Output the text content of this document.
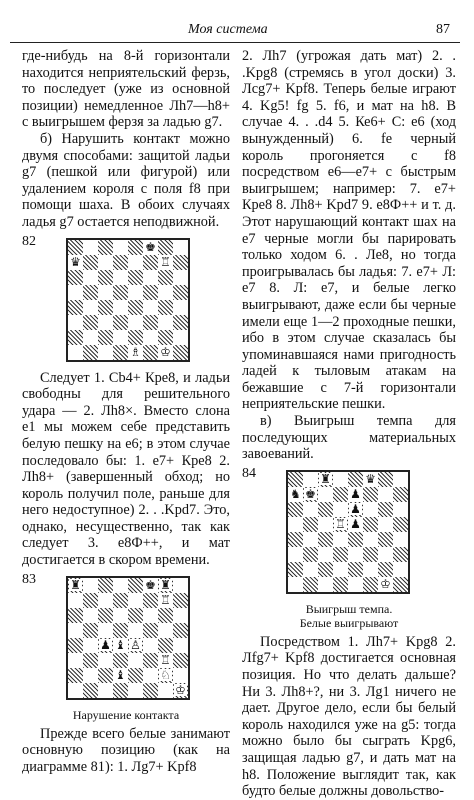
Моя система	87

где-нибудь на 8-й горизонтали находится неприятельский ферзь, то последует (уже из основной позиции) немедленное Лh7—h8+ с выигрышем ферзя за ладью g7.

б) Нарушить контакт можно двумя способами: защитой ладьи g7 (пешкой или фигурой) или удалением короля с поля f8 при помощи шаха. В обоих случаях ладья g7 остается неподвижной.

82	♚
♛	♖
♗ ♔

Следует 1. Cb4+ Кре8, и ладьи свободны для решительного удара — 2. Лh8×. Вместо слона е1 мы можем себе представить белую пешку на е6; в этом случае последовало бы: 1. е7+ Кре8 2. Лh8+ (завершенный обход; но король получил поле, раньше для него недоступное) 2. . .Kpd7. Это, однако, несущественно, так как следует 3. е8Ф++, и мат достигается в скором времени.

83	♜	♚ ♜
♖
♟ ♝ ♙
♖
♝	♘
♔
Нарушение контакта

Прежде всего белые занимают основную позицию (как на диаграмме 81): 1. Лg7+ Kpf8

2. Лh7 (угрожая дать мат) 2. . .Kpg8 (стремясь в угол доски) 3. Лсg7+ Kpf8. Теперь белые играют 4. Kg5! fg 5. f6, и мат на h8. В случае 4. . .d4 5. Ке6+ С: е6 (ход вынужденный) 6. fe черный король прогоняется с f8 посредством е6—е7+ с быстрым выигрышем; например: 7. е7+ Кре8 8. Лh8+ Kpd7 9. е8Ф++ и т. д. Этот нарушающий контакт шах на е7 черные могли бы парировать только ходом 6. . Ле8, но тогда проигрывалась бы ладья: 7. е7+ Л: е7 8. Л: е7, и белые легко выигрывают, даже если бы черные имели еще 1—2 проходные пешки, ибо в этом случае сказалась бы упоминавшаяся нами пригодность ладей к тыловым атакам на бежавшие с 7-й горизонтали неприятельские пешки.

в) Выигрыш темпа для последующих материальных завоеваний.

84	♜	♛
♞ ♚	♟
♟
♖ ♟
♔
Выигрыш темпа.
Белые выигрывают

Посредством 1. Лh7+ Kpg8 2. Лfg7+ Kpf8 достигается основная позиция. Но что делать дальше? Ни 3. Лh8+?, ни 3. Лg1 ничего не дает. Другое дело, если бы белый король находился уже на g5: тогда можно было бы сыграть Kpg6, защищая ладью g7, и дать мат на h8. Положение выглядит так, как будто белые должны довольство-
